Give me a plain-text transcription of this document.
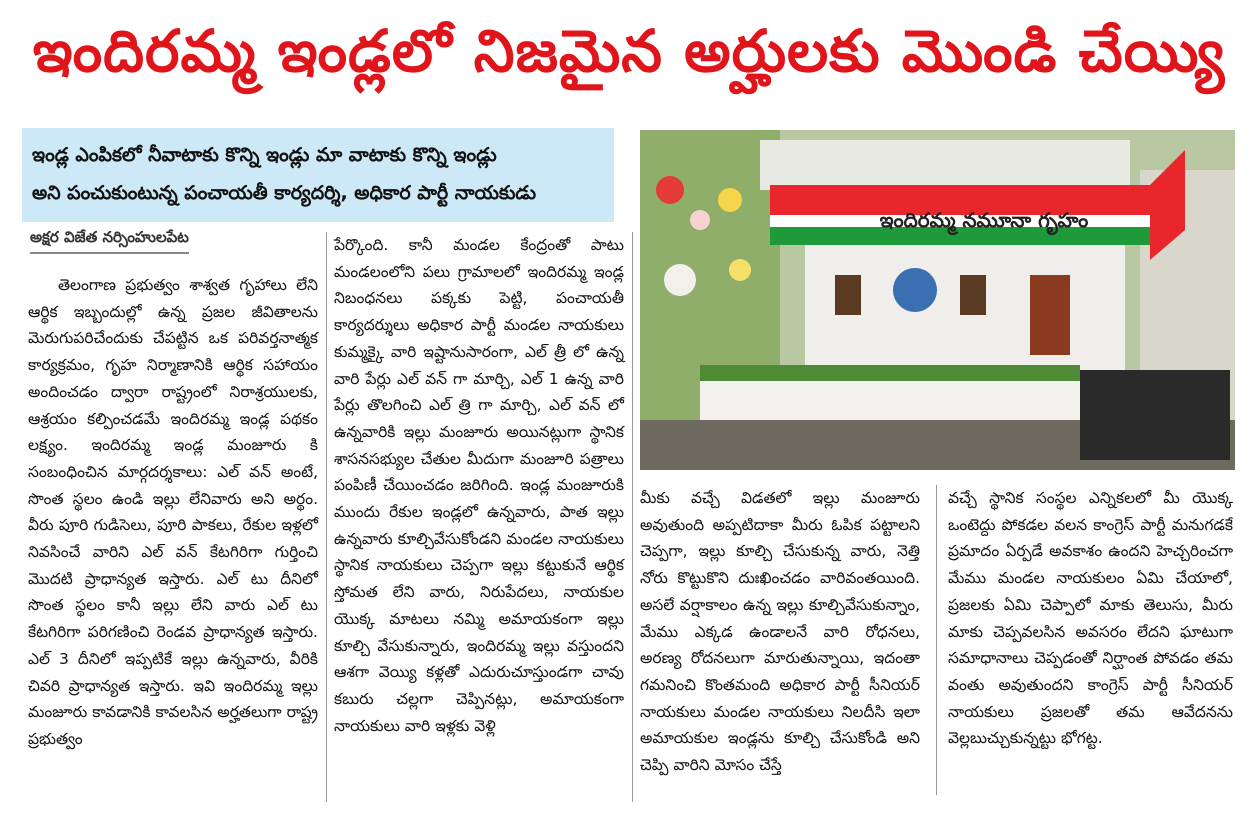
ఇందిరమ్మ ఇండ్లలో నిజమైన అర్హులకు మొండి చేయ్యి
ఇండ్ల ఎంపికలో నీవాటాకు కొన్ని ఇండ్లు మా వాటాకు కొన్ని ఇండ్లు
అని పంచుకుంటున్న పంచాయతీ కార్యదర్శి, అధికార పార్టీ నాయకుడు
అక్షర విజేత నర్సింహులపేట

తెలంగాణ ప్రభుత్వం శాశ్వత గృహాలు లేని ఆర్థిక ఇబ్బందుల్లో ఉన్న ప్రజల జీవితాలను మెరుగుపరిచేందుకు చేపట్టిన ఒక పరివర్తనాత్మక కార్యక్రమం, గృహ నిర్మాణానికి ఆర్థిక సహాయం అందించడం ద్వారా రాష్ట్రంలో నిరాశ్రయులకు, ఆశ్రయం కల్పించడమే ఇందిరమ్మ ఇండ్ల పథకం లక్ష్యం. ఇందిరమ్మ ఇండ్ల మంజూరు కి సంబంధించిన మార్గదర్శకాలు: ఎల్ వన్ అంటే, సొంత స్థలం ఉండి ఇల్లు లేనివారు అని అర్థం. వీరు పూరి గుడిసెలు, పూరి పాకలు, రేకుల ఇళ్లలో నివసించే వారిని ఎల్ వన్ కేటగిరిగా గుర్తించి మొదటి ప్రాధాన్యత ఇస్తారు. ఎల్ టు దీనిలో సొంత స్థలం కానీ ఇల్లు లేని వారు ఎల్ టు కేటగిరిగా పరిగణించి రెండవ ప్రాధాన్యత ఇస్తారు. ఎల్ 3 దీనిలో ఇప్పటికే ఇల్లు ఉన్నవారు, వీరికి చివరి ప్రాధాన్యత ఇస్తారు. ఇవి ఇందిరమ్మ ఇల్లు మంజూరు కావడానికి కావలసిన అర్హతలుగా రాష్ట్ర ప్రభుత్వం

పేర్కొంది. కానీ మండల కేంద్రంతో పాటు మండలంలోని పలు గ్రామాలలో ఇందిరమ్మ ఇండ్ల నిబంధనలు పక్కకు పెట్టి, పంచాయతీ కార్యదర్శులు అధికార పార్టీ మండల నాయకులు కుమ్మక్కై వారి ఇష్టానుసారంగా, ఎల్ త్రీ లో ఉన్న వారి పేర్లు ఎల్ వన్ గా మార్చి, ఎల్ 1 ఉన్న వారి పేర్లు తొలగించి ఎల్ త్రి గా మార్చి, ఎల్ వన్ లో ఉన్నవారికి ఇల్లు మంజూరు అయినట్లుగా స్థానిక శాసనసభ్యుల చేతుల మీదుగా మంజూరి పత్రాలు పంపిణీ చేయించడం జరిగింది. ఇండ్ల మంజూరుకి ముందు రేకుల ఇండ్లలో ఉన్నవారు, పాత ఇల్లు ఉన్నవారు కూల్చివేసుకోండని మండల నాయకులు స్థానిక నాయకులు చెప్పగా ఇల్లు కట్టుకునే ఆర్థిక స్తోమత లేని వారు, నిరుపేదలు, నాయకుల యొక్క మాటలు నమ్మి అమాయకంగా ఇల్లు కూల్చి వేసుకున్నారు, ఇందిరమ్మ ఇల్లు వస్తుందని ఆశగా వెయ్యి కళ్లతో ఎదురుచూస్తుండగా చావు కబురు చల్లగా చెప్పినట్లు, అమాయకంగా నాయకులు వారి ఇళ్లకు వెళ్లి

ఇందిరమ్మ నమూనా గృహం

మీకు వచ్చే విడతలో ఇల్లు మంజూరు అవుతుంది అప్పటిదాకా మీరు ఓపిక పట్టాలని చెప్పగా, ఇల్లు కూల్చి చేసుకున్న వారు, నెత్తి నోరు కొట్టుకొని దుఃఖించడం వారివంతయింది. అసలే వర్షాకాలం ఉన్న ఇల్లు కూల్చివేసుకున్నాం, మేము ఎక్కడ ఉండాలనే వారి రోధనలు, అరణ్య రోదనలుగా మారుతున్నాయి, ఇదంతా గమనించి కొంతమంది అధికార పార్టీ సీనియర్ నాయకులు మండల నాయకులు నిలదీసి ఇలా అమాయకుల ఇండ్లను కూల్చి చేసుకోండి అని చెప్పి వారిని మోసం చేస్తే

వచ్చే స్థానిక సంస్థల ఎన్నికలలో మీ యొక్క ఒంటెద్దు పోకడల వలన కాంగ్రెస్ పార్టీ మనుగడకే ప్రమాదం ఏర్పడే అవకాశం ఉందని హెచ్చరించగా మేము మండల నాయకులం ఏమి చేయాలో, ప్రజలకు ఏమి చెప్పాలో మాకు తెలుసు, మీరు మాకు చెప్పవలసిన అవసరం లేదని ఘాటుగా సమాధానాలు చెప్పడంతో నిర్ఘాంత పోవడం తమ వంతు అవుతుందని కాంగ్రెస్ పార్టీ సీనియర్ నాయకులు ప్రజలతో తమ ఆవేదనను వెల్లబుచ్చుకున్నట్టు భోగట్ట.
